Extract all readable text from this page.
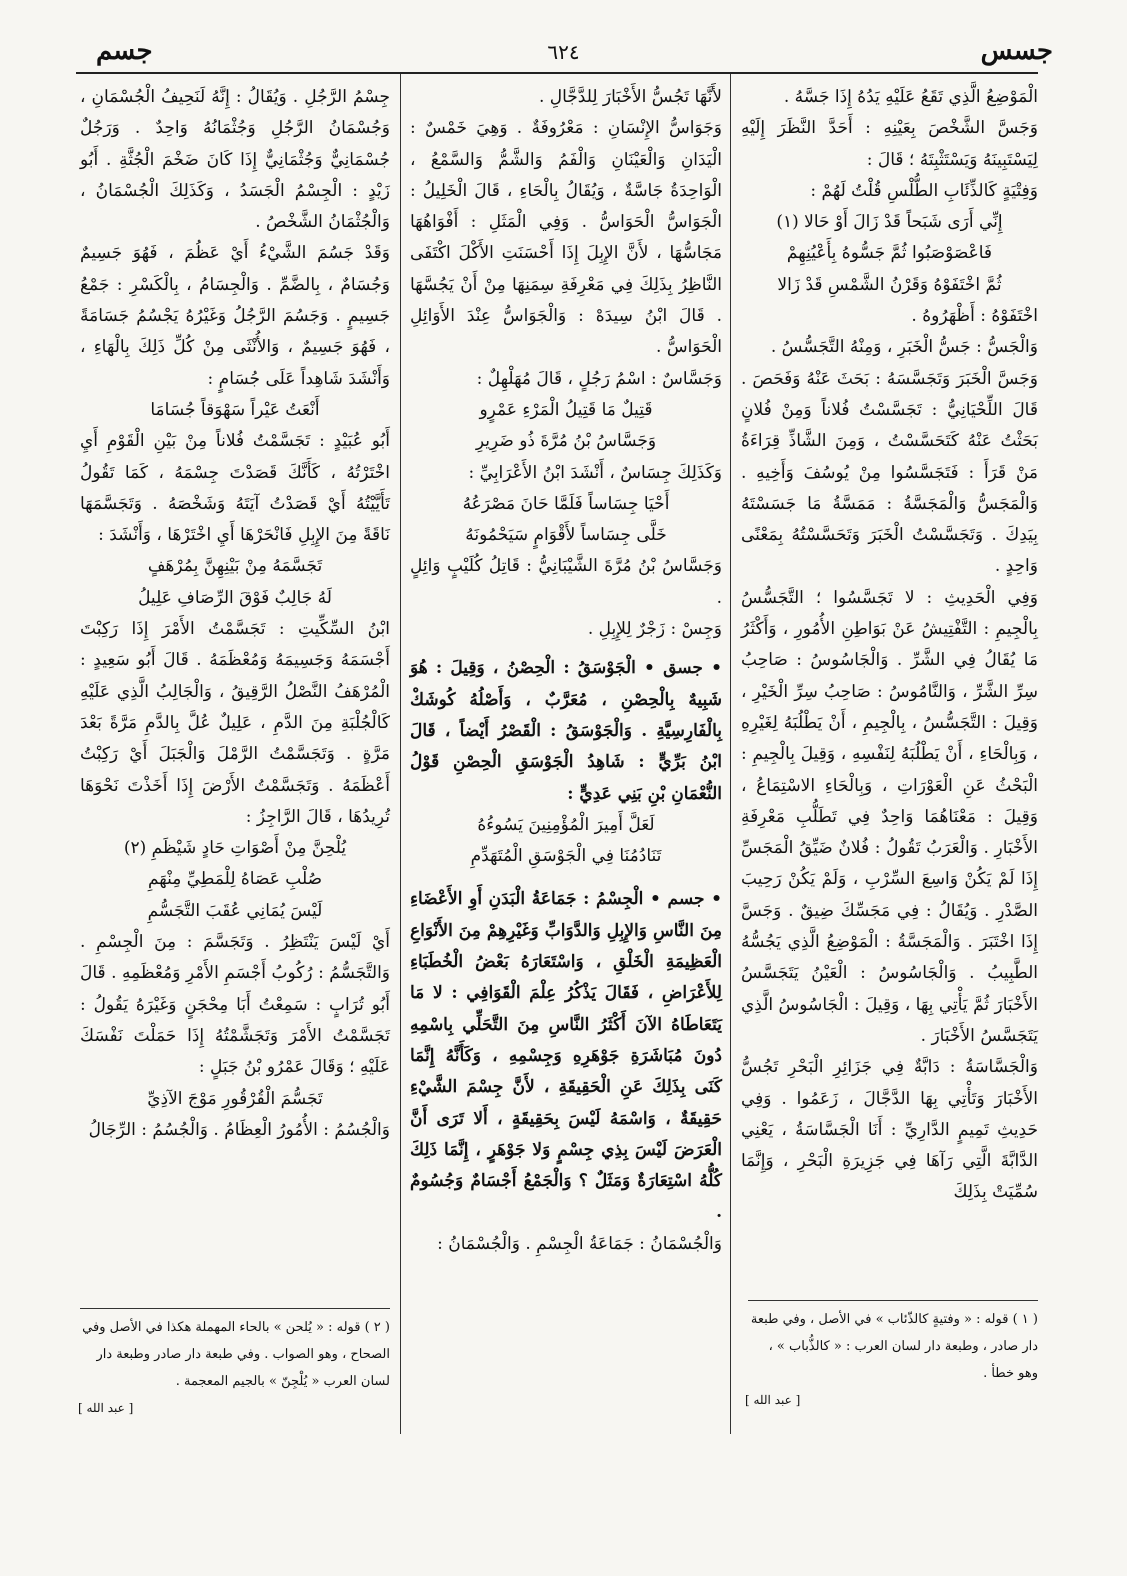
جسس
٦٢٤
جسم

الْمَوْضِعُ الَّذِي تَقَعُ عَلَيْهِ يَدُهُ إِذَا جَسَّهُ .

وَجَسَّ الشَّخْصَ بِعَيْنِهِ : أَحَدَّ النَّظَرَ إِلَيْهِ لِيَسْتَبِينَهُ وَيَسْتَثْبِتَهُ ؛ قَالَ :

وَفِتْيَةٍ كَالذِّئَابِ الطُّلْسِ قُلْتُ لَهُمْ :

إِنِّي أَرَى شَبَحاً قَدْ زَالَ أَوْ حَالا (١)

فَاعْصَوْصَبُوا ثُمَّ جَسُّوهُ بِأَعْيُنِهِمْ

ثُمَّ اخْتَفَوْهُ وَقَرْنُ الشَّمْسِ قَدْ زَالا

اخْتَفَوْهُ : أَظْهَرُوهُ .

وَالْجَسُّ : جَسُّ الْخَبَرِ ، وَمِنْهُ التَّجَسُّسُ .

وَجَسَّ الْخَبَرَ وَتَجَسَّسَهُ : بَحَثَ عَنْهُ وَفَحَصَ . قَالَ اللِّحْيَانِيُّ : تَجَسَّسْتُ فُلاناً وَمِنْ فُلانٍ بَحَثْتُ عَنْهُ كَتَحَسَّسْتُ ، وَمِنَ الشَّاذِّ قِرَاءَةُ مَنْ قَرَأَ : فَتَجَسَّسُوا مِنْ يُوسُفَ وَأَخِيهِ . وَالْمَجَسُّ وَالْمَجَسَّةُ : مَمَسَّةُ مَا جَسَسْتَهُ بِيَدِكَ . وَتَجَسَّسْتُ الْخَبَرَ وَتَحَسَّسْتُهُ بِمَعْنًى وَاحِدٍ .

وَفِي الْحَدِيثِ : لا تَجَسَّسُوا ؛ التَّجَسُّسُ بِالْجِيمِ : التَّفْتِيشُ عَنْ بَوَاطِنِ الأُمُورِ ، وَأَكْثَرُ مَا يُقَالُ فِي الشَّرِّ . وَالْجَاسُوسُ : صَاحِبُ سِرِّ الشَّرِّ ، وَالنَّامُوسُ : صَاحِبُ سِرِّ الْخَيْرِ ، وَقِيلَ : التَّجَسُّسُ ، بِالْجِيمِ ، أَنْ يَطْلُبَهُ لِغَيْرِهِ ، وَبِالْحَاءِ ، أَنْ يَطْلُبَهُ لِنَفْسِهِ ، وَقِيلَ بِالْجِيمِ : الْبَحْثُ عَنِ الْعَوْرَاتِ ، وَبِالْحَاءِ الاسْتِمَاعُ ، وَقِيلَ : مَعْنَاهُمَا وَاحِدٌ فِي تَطَلُّبِ مَعْرِفَةِ الأَخْبَارِ . وَالْعَرَبُ تَقُولُ : فُلانٌ ضَيِّقُ الْمَجَسِّ إِذَا لَمْ يَكُنْ وَاسِعَ السِّرْبِ ، وَلَمْ يَكُنْ رَحِيبَ الصَّدْرِ . وَيُقَالُ : فِي مَجَسِّكَ ضِيقٌ . وَجَسَّ إِذَا اخْتَبَرَ . وَالْمَجَسَّةُ : الْمَوْضِعُ الَّذِي يَجُسُّهُ الطَّبِيبُ . وَالْجَاسُوسُ : الْعَيْنُ يَتَجَسَّسُ الأَخْبَارَ ثُمَّ يَأْتِي بِهَا ، وَقِيلَ : الْجَاسُوسُ الَّذِي يَتَجَسَّسُ الأَخْبَارَ .

وَالْجَسَّاسَةُ : دَابَّةٌ فِي جَزَائِرِ الْبَحْرِ تَجُسُّ الأَخْبَارَ وَتَأْتِي بِهَا الدَّجَّالَ ، زَعَمُوا . وَفِي حَدِيثِ تَمِيمٍ الدَّارِيِّ : أَنَا الْجَسَّاسَةُ ، يَعْنِي الدَّابَّةَ الَّتِي رَآهَا فِي جَزِيرَةِ الْبَحْرِ ، وَإِنَّمَا سُمِّيَتْ بِذَلِكَ

لأَنَّهَا تَجُسُّ الأَخْبَارَ لِلدَّجَّالِ .

وَجَوَاسُّ الإِنْسَانِ : مَعْرُوفَةٌ . وَهِيَ خَمْسٌ : الْيَدَانِ وَالْعَيْنَانِ وَالْفَمُ وَالشَّمُّ وَالسَّمْعُ ، الْوَاحِدَةُ جَاسَّةٌ ، وَيُقَالُ بِالْحَاءِ ، قَالَ الْخَلِيلُ : الْجَوَاسُّ الْحَوَاسُّ . وَفِي الْمَثَلِ : أَفْوَاهُهَا مَجَاسُّهَا ، لأَنَّ الإِبِلَ إِذَا أَحْسَنَتِ الأَكْلَ اكْتَفَى النَّاظِرُ بِذَلِكَ فِي مَعْرِفَةِ سِمَنِهَا مِنْ أَنْ يَجُسَّهَا . قَالَ ابْنُ سِيدَهْ : وَالْجَوَاسُّ عِنْدَ الأَوَائِلِ الْحَوَاسُّ .

وَجَسَّاسٌ : اسْمُ رَجُلٍ ، قَالَ مُهَلْهِلٌ :

قَتِيلٌ مَا قَتِيلُ الْمَرْءِ عَمْرٍو

وَجَسَّاسُ بْنُ مُرَّةَ ذُو ضَرِيرِ

وَكَذَلِكَ جِسَاسٌ ، أَنْشَدَ ابْنُ الأَعْرَابِيِّ :

أَحْيَا جِسَاساً فَلَمَّا حَانَ مَصْرَعُهُ

خَلَّى جِسَاساً لأَقْوَامٍ سَيَحْمُونَهُ

وَجَسَّاسُ بْنُ مُرَّةَ الشَّيْبَانِيُّ : قَاتِلُ كُلَيْبٍ وَائِلٍ .

وَجِسْ : زَجْرٌ لِلإِبِلِ .

• جسق • الْجَوْسَقُ : الْحِصْنُ ، وَقِيلَ : هُوَ شَبِيهٌ بِالْحِصْنِ ، مُعَرَّبٌ ، وَأَصْلُهُ كُوشَكْ بِالْفَارِسِيَّةِ . وَالْجَوْسَقُ : الْقَصْرُ أَيْضاً ، قَالَ ابْنُ بَرِّيٍّ : شَاهِدُ الْجَوْسَقِ الْحِصْنِ قَوْلُ النُّعْمَانِ بْنِ بَنِي عَدِيٍّ :

لَعَلَّ أَمِيرَ الْمُؤْمِنِينَ يَسُوءُهُ

تَنَادُمُنَا فِي الْجَوْسَقِ الْمُتَهَدِّمِ

• جسم • الْجِسْمُ : جَمَاعَةُ الْبَدَنِ أَوِ الأَعْضَاءِ مِنَ النَّاسِ وَالإِبِلِ وَالدَّوَابِّ وَغَيْرِهِمْ مِنَ الأَنْوَاعِ الْعَظِيمَةِ الْخَلْقِ ، وَاسْتَعَارَهُ بَعْضُ الْخُطَبَاءِ لِلأَعْرَاضِ ، فَقَالَ يَذْكُرُ عِلْمَ الْقَوَافِي : لا مَا يَتَعَاطَاهُ الآنَ أَكْثَرُ النَّاسِ مِنَ التَّحَلِّي بِاسْمِهِ دُونَ مُبَاشَرَةِ جَوْهَرِهِ وَجِسْمِهِ ، وَكَأَنَّهُ إِنَّمَا كَنَى بِذَلِكَ عَنِ الْحَقِيقَةِ ، لأَنَّ جِسْمَ الشَّيْءِ حَقِيقَةٌ ، وَاسْمَهُ لَيْسَ بِحَقِيقَةٍ ، أَلا تَرَى أَنَّ الْعَرَضَ لَيْسَ بِذِي جِسْمٍ وَلا جَوْهَرٍ ، إِنَّمَا ذَلِكَ كُلُّهُ اسْتِعَارَةٌ وَمَثَلٌ ؟ وَالْجَمْعُ أَجْسَامٌ وَجُسُومٌ .

وَالْجُسْمَانُ : جَمَاعَةُ الْجِسْمِ . وَالْجُسْمَانُ :

جِسْمُ الرَّجُلِ . وَيُقَالُ : إِنَّهُ لَنَحِيفُ الْجُسْمَانِ ، وَجُسْمَانُ الرَّجُلِ وَجُثْمَانُهُ وَاحِدٌ . وَرَجُلٌ جُسْمَانِيٌّ وَجُثْمَانِيٌّ إِذَا كَانَ ضَخْمَ الْجُثَّةِ . أَبُو زَيْدٍ : الْجِسْمُ الْجَسَدُ ، وَكَذَلِكَ الْجُسْمَانُ ، وَالْجُثْمَانُ الشَّخْصُ .

وَقَدْ جَسُمَ الشَّيْءُ أَيْ عَظُمَ ، فَهُوَ جَسِيمٌ وَجُسَامٌ ، بِالضَّمِّ . وَالْجِسَامُ ، بِالْكَسْرِ : جَمْعُ جَسِيمٍ . وَجَسُمَ الرَّجُلُ وَغَيْرُهُ يَجْسُمُ جَسَامَةً ، فَهُوَ جَسِيمٌ ، وَالأُنْثَى مِنْ كُلِّ ذَلِكَ بِالْهَاءِ ، وَأَنْشَدَ شَاهِداً عَلَى جُسَامٍ :

أَنْعَتُ عَيْراً سَهْوَقاً جُسَامَا

أَبُو عُبَيْدٍ : تَجَسَّمْتُ فُلاناً مِنْ بَيْنِ الْقَوْمِ أَيِ اخْتَرْتُهُ ، كَأَنَّكَ قَصَدْتَ جِسْمَهُ ، كَمَا تَقُولُ تَأَيَّيْتُهُ أَيْ قَصَدْتُ آيَتَهُ وَشَخْصَهُ . وَتَجَسَّمَهَا نَاقَةً مِنَ الإِبِلِ فَانْحَرْهَا أَيِ اخْتَرْهَا ، وَأَنْشَدَ :

تَجَسَّمَهُ مِنْ بَيْنِهِنَّ بِمُرْهَفٍ

لَهُ جَالِبٌ فَوْقَ الرِّصَافِ عَلِيلُ

ابْنُ السِّكِّيتِ : تَجَسَّمْتُ الأَمْرَ إِذَا رَكِبْتَ أَجْسَمَهُ وَجَسِيمَهُ وَمُعْظَمَهُ . قَالَ أَبُو سَعِيدٍ : الْمُرْهَفُ النَّصْلُ الرَّقِيقُ ، وَالْجَالِبُ الَّذِي عَلَيْهِ كَالْجُلْبَةِ مِنَ الدَّمِ ، عَلِيلٌ عُلَّ بِالدَّمِ مَرَّةً بَعْدَ مَرَّةٍ . وَتَجَسَّمْتُ الرَّمْلَ وَالْجَبَلَ أَيْ رَكِبْتُ أَعْظَمَهُ . وَتَجَسَّمْتُ الأَرْضَ إِذَا أَخَذْتَ نَحْوَهَا تُرِيدُهَا ، قَالَ الرَّاجِزُ :

يُلْحِنَّ مِنْ أَصْوَاتِ حَادٍ شَيْظَمِ (٢)

صُلْبِ عَصَاهُ لِلْمَطِيِّ مِنْهَمِ

لَيْسَ يُمَانِي عُقَبَ التَّجَسُّمِ

أَيْ لَيْسَ يَنْتَظِرُ . وَتَجَسَّمَ : مِنَ الْجِسْمِ . وَالتَّجَسُّمُ : رُكُوبُ أَجْسَمِ الأَمْرِ وَمُعْظَمِهِ . قَالَ أَبُو تُرَابٍ : سَمِعْتُ أَبَا مِحْجَنٍ وَغَيْرَهُ يَقُولُ : تَجَسَّمْتُ الأَمْرَ وَتَجَشَّمْتُهُ إِذَا حَمَلْتَ نَفْسَكَ عَلَيْهِ ؛ وَقَالَ عَمْرُو بْنُ جَبَلٍ :

تَجَسُّمَ الْقُرْقُورِ مَوْجَ الآذِيِّ

وَالْجُسُمُ : الأُمُورُ الْعِظَامُ . وَالْجُسُمُ : الرِّجَالُ

( ١ ) قوله : « وفتيةٍ كالذّئاب » في الأصل ، وفي طبعة دار صادر ، وطبعة دار لسان العرب : « كالذُّباب » ، وهو خطأ .
[ عبد الله ]
( ٢ ) قوله : « يُلحن » بالحاء المهملة هكذا في الأصل وفي الصحاح ، وهو الصواب . وفي طبعة دار صادر وطبعة دار لسان العرب « يُلْجِنّ » بالجيم المعجمة .
[ عبد الله ]
